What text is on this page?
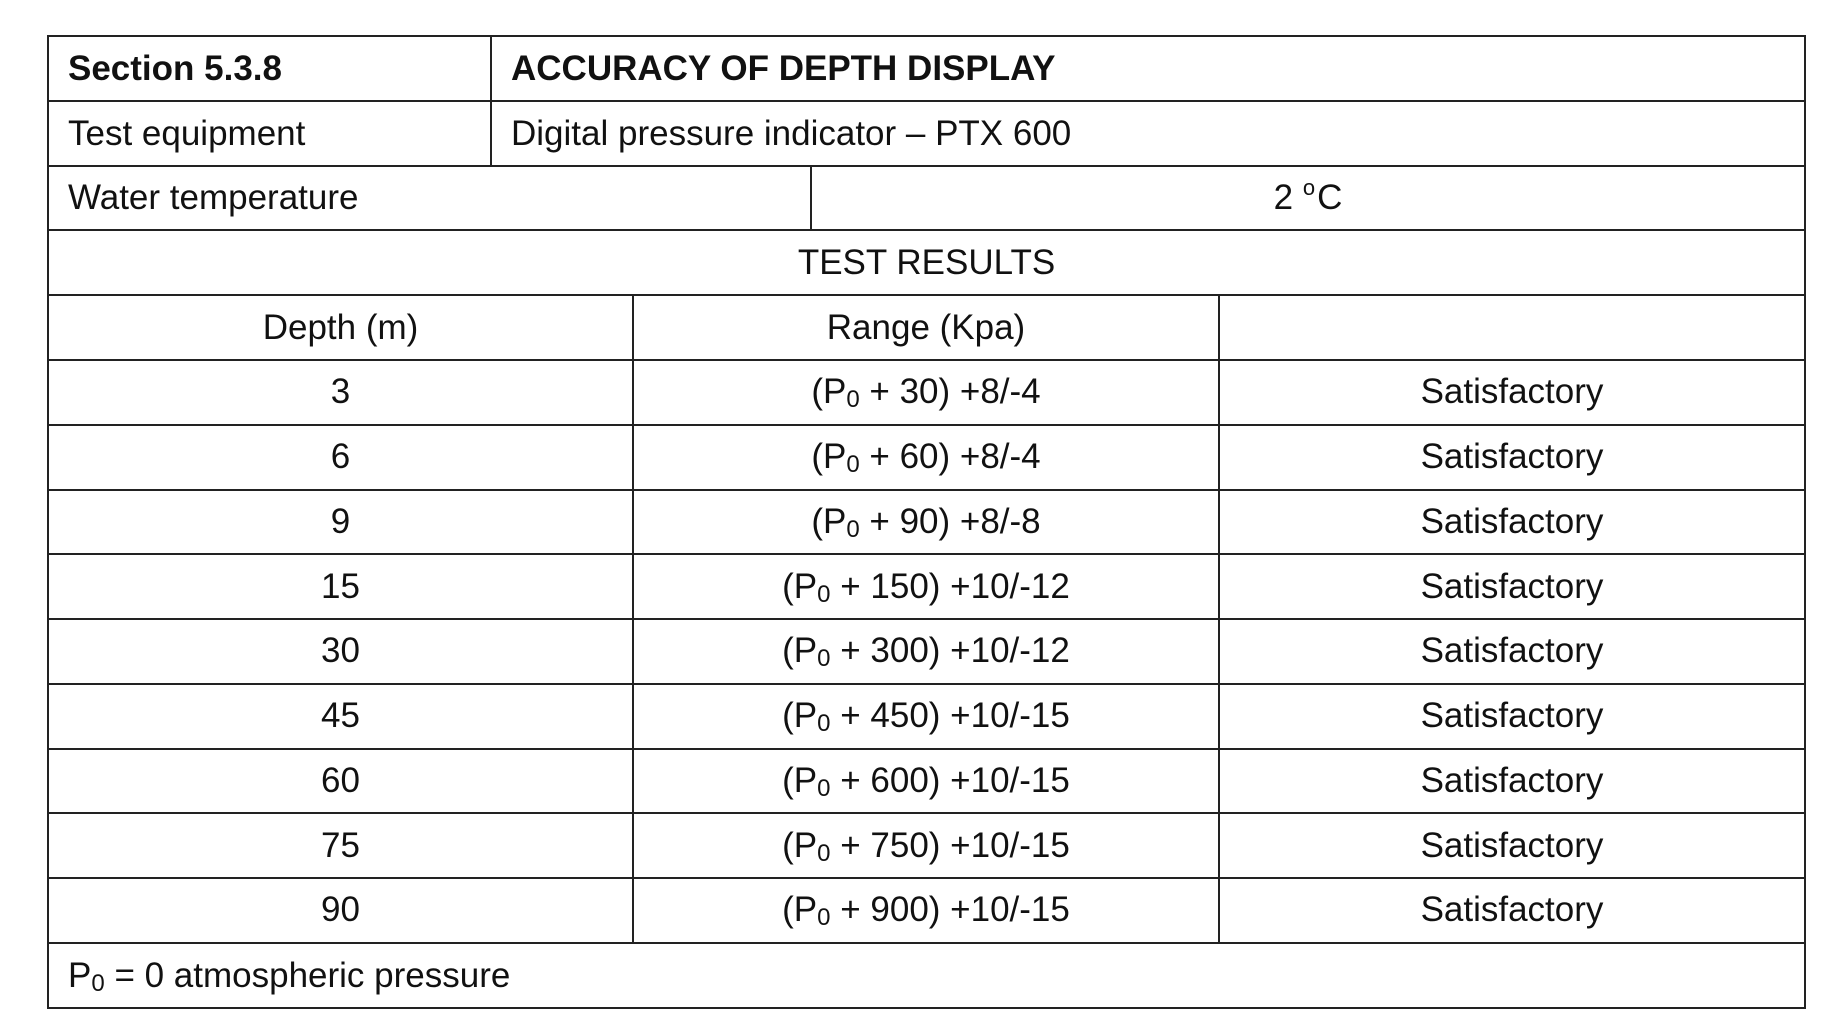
Section 5.3.8	ACCURACY OF DEPTH DISPLAY
Test equipment	Digital pressure indicator – PTX 600
Water temperature	2
o C
TEST RESULTS
Depth (m)	Range (Kpa)
3	( P 0 + 30) +8/-4	Satisfactory
6	( P 0 + 60) +8/-4	Satisfactory
9	( P 0 + 90) +8/-8	Satisfactory
15	( P 0 + 150) +10/-12	Satisfactory
30	( P 0 + 300) +10/-12	Satisfactory
45	( P 0 + 450) +10/-15	Satisfactory
60	( P 0 + 600) +10/-15	Satisfactory
75	( P 0 + 750) +10/-15	Satisfactory
90	( P 0 + 900) +10/-15	Satisfactory
P 0 = 0 atmospheric pressure
